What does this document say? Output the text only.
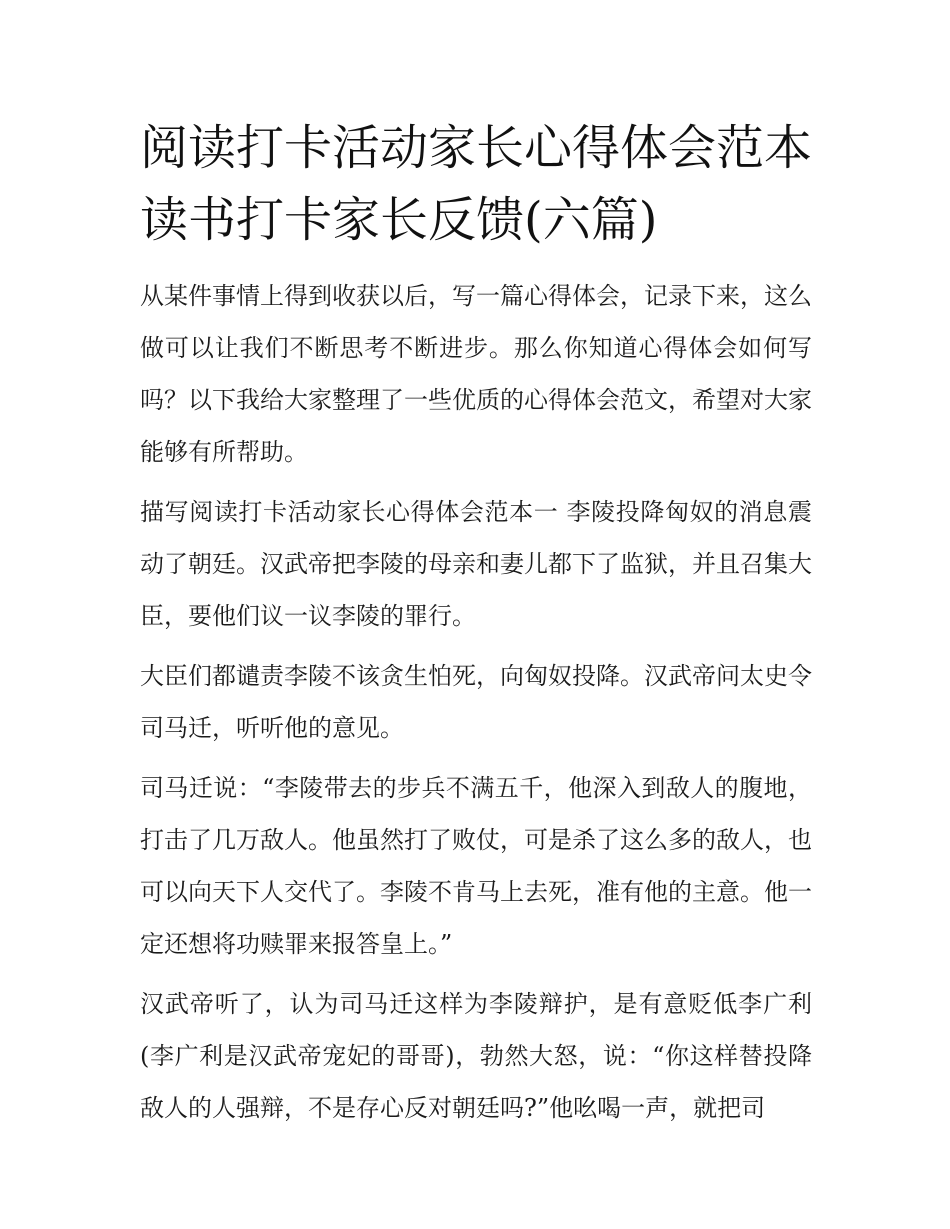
阅读打卡活动家长心得体会范本 读书打卡家长反馈(六篇)

从某件事情上得到收获以后，写一篇心得体会，记录下来，这么做可以让我们不断思考不断进步。那么你知道心得体会如何写吗？以下我给大家整理了一些优质的心得体会范文，希望对大家能够有所帮助。

描写阅读打卡活动家长心得体会范本一 李陵投降匈奴的消息震动了朝廷。汉武帝把李陵的母亲和妻儿都下了监狱，并且召集大臣，要他们议一议李陵的罪行。

大臣们都谴责李陵不该贪生怕死，向匈奴投降。汉武帝问太史令司马迁，听听他的意见。

司马迁说：“李陵带去的步兵不满五千，他深入到敌人的腹地，打击了几万敌人。他虽然打了败仗，可是杀了这么多的敌人，也可以向天下人交代了。李陵不肯马上去死，准有他的主意。他一定还想将功赎罪来报答皇上。”

汉武帝听了，认为司马迁这样为李陵辩护，是有意贬低李广利(李广利是汉武帝宠妃的哥哥)，勃然大怒，说：“你这样替投降敌人的人强辩，不是存心反对朝廷吗?”他吆喝一声，就把司
